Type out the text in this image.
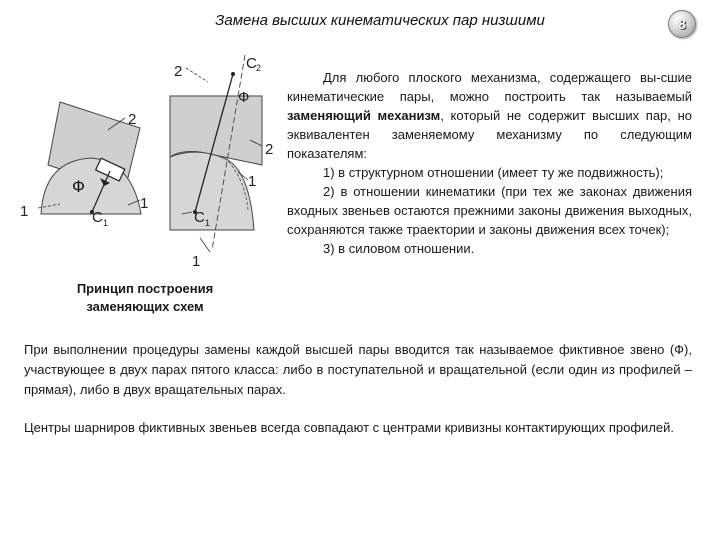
Замена высших кинематических пар низшими	8
2
1	1
Ф
C 1
2	C 2
Ф
2
1
C 1
1
Принцип построения
заменяющих схем

Для любого плоского механизма, содержащего вы-сшие кинематические пары, можно построить так называемый заменяющий механизм, который не содержит высших пар, но эквивалентен заменяемому механизму по следующим показателям:

1) в структурном отношении (имеет ту же подвижность);

2) в отношении кинематики (при тех же законах движения входных звеньев остаются прежними законы движения выходных, сохраняются также траектории и законы движения всех точек);

3) в силовом отношении.

При выполнении процедуры замены каждой высшей пары вводится так называемое фиктивное звено (Ф), участвующее в двух парах пятого класса: либо в поступательной и вращательной (если один из профилей – прямая), либо в двух вращательных парах.

Центры шарниров фиктивных звеньев всегда совпадают с центрами кривизны контактирующих профилей.
